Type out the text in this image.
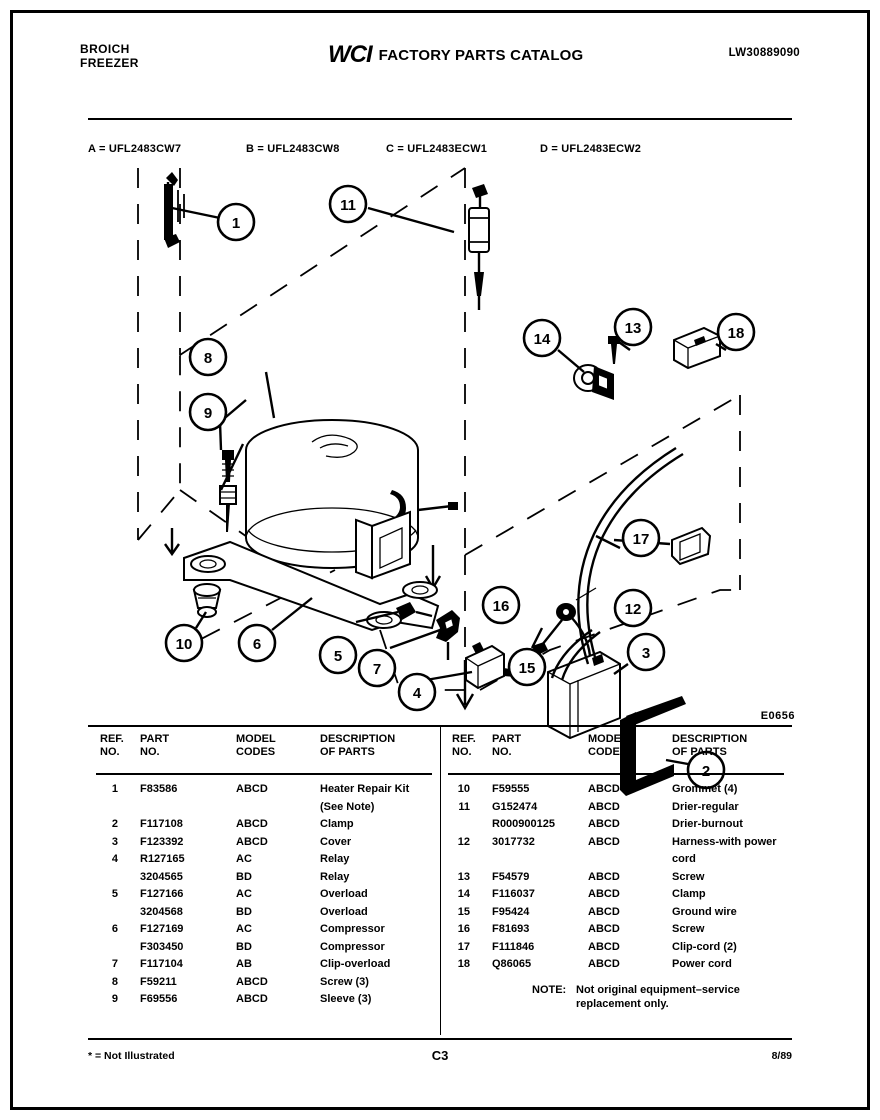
BROICH
FREEZER	WCI FACTORY PARTS CATALOG	LW30889090
A = UFL2483CW7	B = UFL2483CW8	C = UFL2483ECW1	D = UFL2483ECW2
1
11
8
9
10	6
5
7
4
14
13	18
17
16	12
15
3
2
E0656
REF.
NO.
PART
NO.
MODEL
CODES
DESCRIPTION
OF PARTS
1 F83586	ABCD	Heater Repair Kit
(See Note)
2 F117108	ABCD	Clamp
3 F123392	ABCD	Cover
4 R127165	AC	Relay
3204565	BD	Relay
5 F127166	AC	Overload
3204568	BD	Overload
6 F127169	AC	Compressor
F303450	BD	Compressor
7 F117104	AB	Clip-overload
8 F59211	ABCD	Screw (3)
9 F69556	ABCD	Sleeve (3)
REF.
NO.
PART
NO.
MODEL
CODES
DESCRIPTION
OF PARTS
10 F59555	ABCD	Grommet (4)
11 G152474	ABCD	Drier-regular
R000900125	ABCD	Drier-burnout
12 3017732	ABCD	Harness-with power
cord
13 F54579	ABCD	Screw
14 F116037	ABCD	Clamp
15 F95424	ABCD	Ground wire
16 F81693	ABCD	Screw
17 F111846	ABCD	Clip-cord (2)
18 Q86065	ABCD	Power cord
NOTE: Not original equipment–service
replacement only.
* = Not Illustrated	C3	8/89
